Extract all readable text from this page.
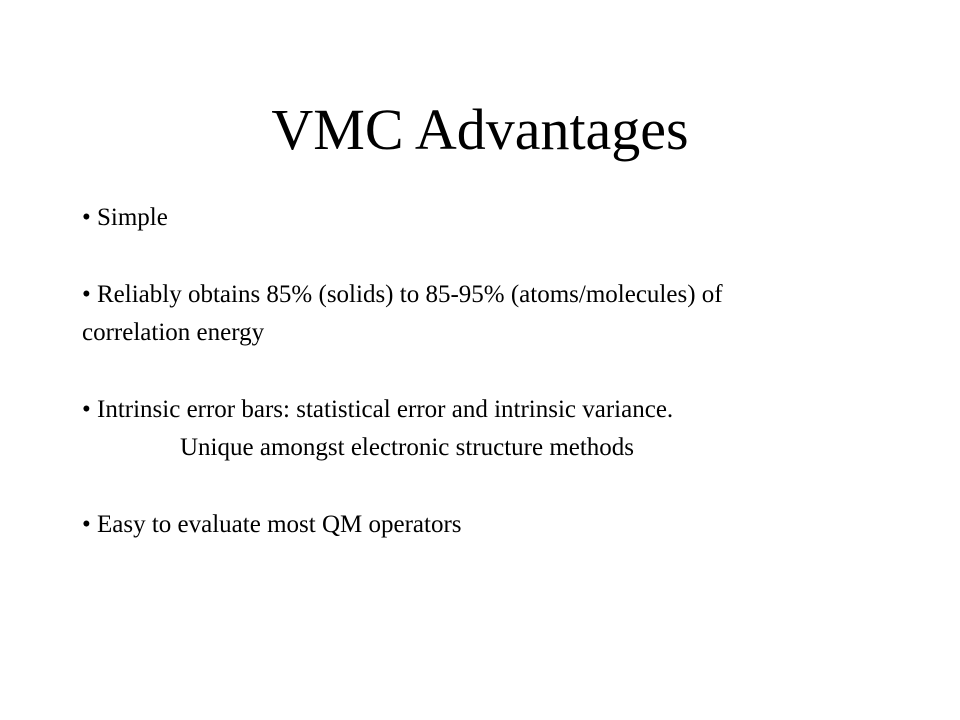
VMC Advantages
• Simple
• Reliably obtains 85% (solids) to 85-95% (atoms/molecules) of
correlation energy
• Intrinsic error bars: statistical error and intrinsic variance.
Unique amongst electronic structure methods
• Easy to evaluate most QM operators
